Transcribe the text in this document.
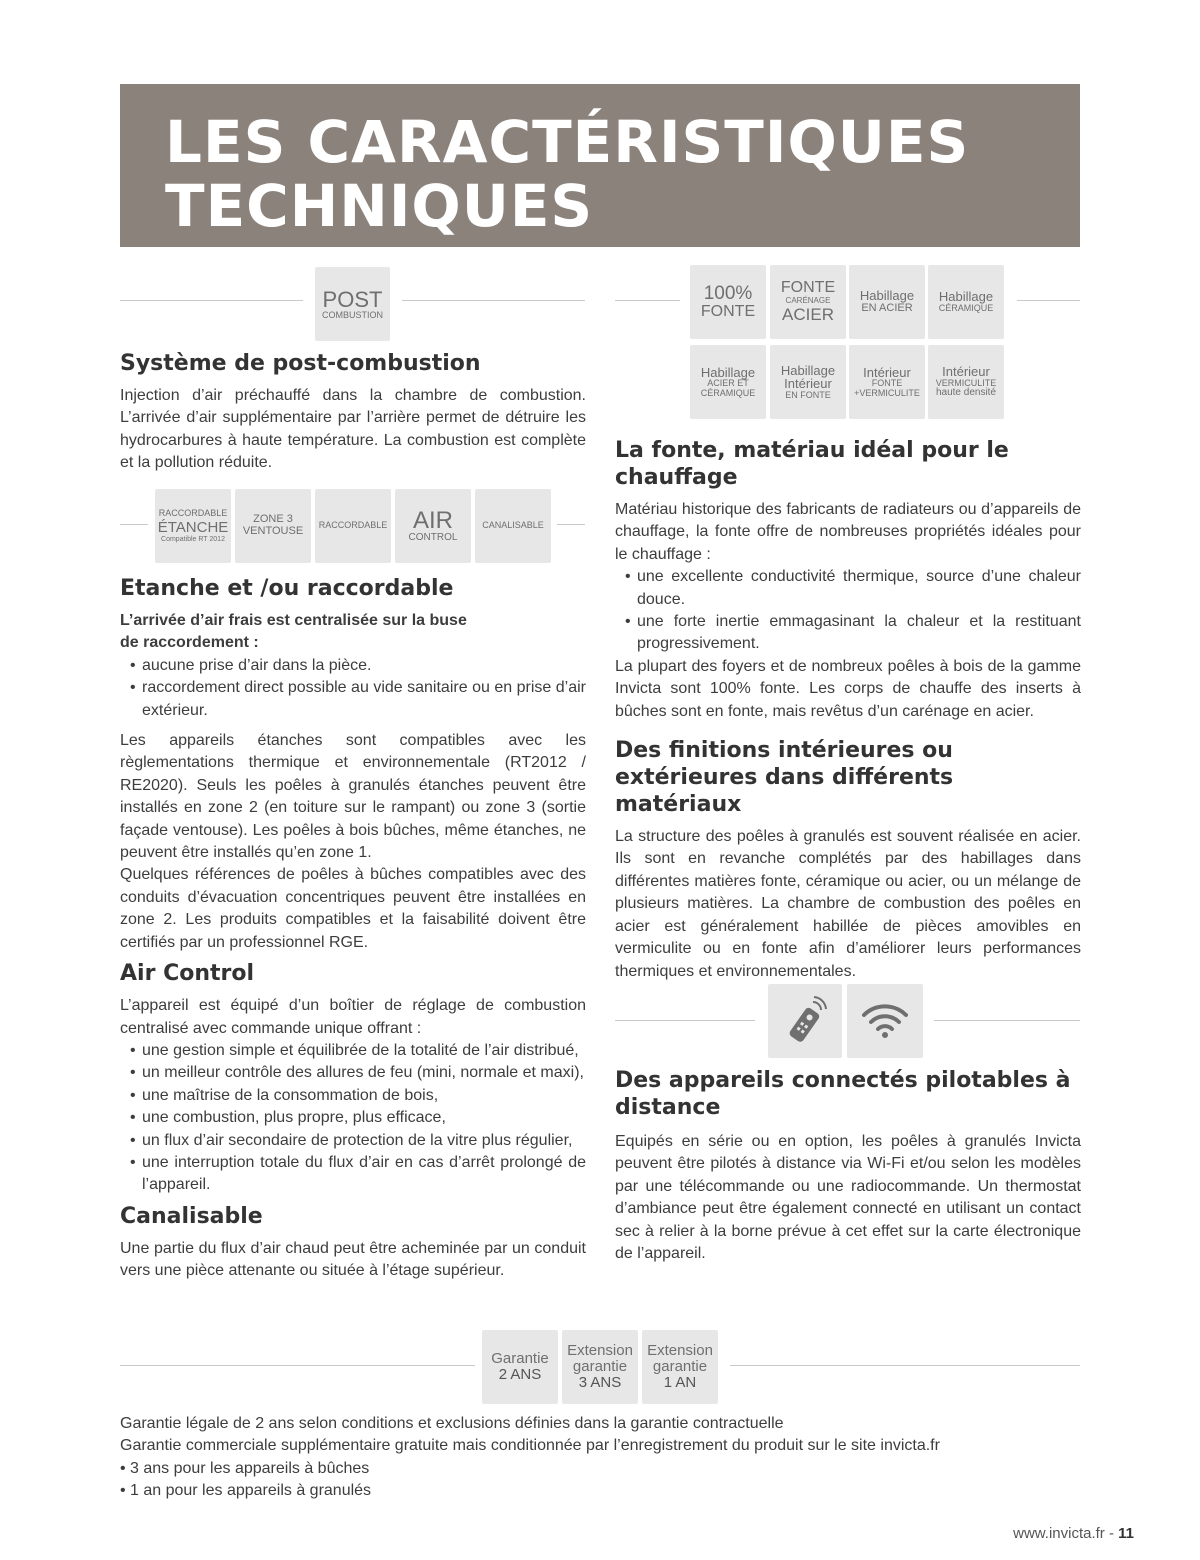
LES CARACTÉRISTIQUES
TECHNIQUES
POST
COMBUSTION
100%
FONTE
FONTE
CARÉNAGE
ACIER
Habillage
EN ACIER
Habillage
CÉRAMIQUE
Habillage
ACIER ET
CÉRAMIQUE
Habillage
Intérieur
EN FONTE
Intérieur
FONTE
+VERMICULITE
Intérieur
VERMICULITE
haute densité
Système de post-combustion

Injection d’air préchauffé dans la chambre de combustion. L’arrivée d’air supplémentaire par l’arrière permet de détruire les hydrocarbures à haute température. La combustion est complète et la pollution réduite.

RACCORDABLE
ÉTANCHE
Compatible RT 2012
ZONE 3
VENTOUSE RACCORDABLE AIR
CONTROL
CANALISABLE
Etanche et /ou raccordable

L’arrivée d’air frais est centralisée sur la buse de raccordement :

• aucune prise d’air dans la pièce.
• raccordement direct possible au vide sanitaire ou en prise d’air extérieur.

Les appareils étanches sont compatibles avec les règlementations thermique et environnementale (RT2012 / RE2020). Seuls les poêles à granulés étanches peuvent être installés en zone 2 (en toiture sur le rampant) ou zone 3 (sortie façade ventouse). Les poêles à bois bûches, même étanches, ne peuvent être installés qu’en zone 1.

Quelques références de poêles à bûches compatibles avec des conduits d’évacuation concentriques peuvent être installées en zone 2. Les produits compatibles et la faisabilité doivent être certifiés par un professionnel RGE.

Air Control

L’appareil est équipé d’un boîtier de réglage de combustion centralisé avec commande unique offrant :

• une gestion simple et équilibrée de la totalité de l’air distribué,
• un meilleur contrôle des allures de feu (mini, normale et maxi),
• une maîtrise de la consommation de bois,
• une combustion, plus propre, plus efficace,
• un flux d’air secondaire de protection de la vitre plus régulier,
• une interruption totale du flux d’air en cas d’arrêt prolongé de l’appareil.
Canalisable

Une partie du flux d’air chaud peut être acheminée par un conduit vers une pièce attenante ou située à l’étage supérieur.

La fonte, matériau idéal pour le chauffage

Matériau historique des fabricants de radiateurs ou d’appareils de chauffage, la fonte offre de nombreuses propriétés idéales pour le chauffage :

• une excellente conductivité thermique, source d’une chaleur douce.
• une forte inertie emmagasinant la chaleur et la restituant progressivement.

La plupart des foyers et de nombreux poêles à bois de la gamme Invicta sont 100% fonte. Les corps de chauffe des inserts à bûches sont en fonte, mais revêtus d’un carénage en acier.

Des finitions intérieures ou extérieures dans différents matériaux

La structure des poêles à granulés est souvent réalisée en acier. Ils sont en revanche complétés par des habillages dans différentes matières fonte, céramique ou acier, ou un mélange de plusieurs matières. La chambre de combustion des poêles en acier est généralement habillée de pièces amovibles en vermiculite ou en fonte afin d’améliorer leurs performances thermiques et environnementales.

Des appareils connectés pilotables à distance

Equipés en série ou en option, les poêles à granulés Invicta peuvent être pilotés à distance via Wi-Fi et/ou selon les modèles par une télécommande ou une radiocommande. Un thermostat d’ambiance peut être également connecté en utilisant un contact sec à relier à la borne prévue à cet effet sur la carte électronique de l’appareil.

Garantie
2 ANS
Extension
garantie
3 ANS
Extension
garantie
1 AN

Garantie légale de 2 ans selon conditions et exclusions définies dans la garantie contractuelle

Garantie commerciale supplémentaire gratuite mais conditionnée par l’enregistrement du produit sur le site invicta.fr

• 3 ans pour les appareils à bûches
• 1 an pour les appareils à granulés
www.invicta.fr - 11
